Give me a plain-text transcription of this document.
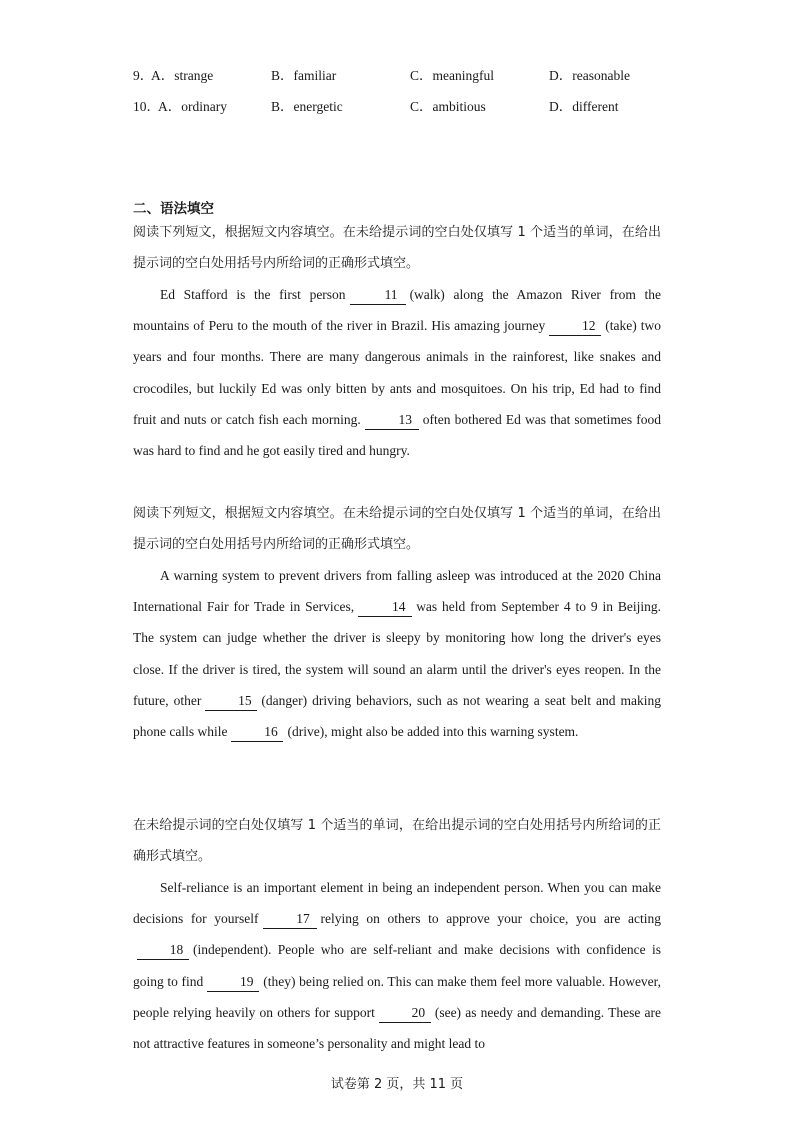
9．
A．strange	B．familiar	C．meaningful	D．reasonable
10．
A．ordinary	B．energetic	C．ambitious	D．different
二、语法填空

阅读下列短文，根据短文内容填空。在未给提示词的空白处仅填写 1 个适当的单词，在给出提示词的空白处用括号内所给词的正确形式填空。

Ed Stafford is the first person	11 (walk) along the Amazon River from the mountains of Peru to the mouth of the river in Brazil. His amazing journey	12 (take) two years and four months. There are many dangerous animals in the rainforest, like snakes and crocodiles, but luckily Ed was only bitten by ants and mosquitoes. On his trip, Ed had to find fruit and nuts or catch fish each morning.	13 often bothered Ed was that sometimes food was hard to find and he got easily tired and hungry.

阅读下列短文，根据短文内容填空。在未给提示词的空白处仅填写 1 个适当的单词，在给出提示词的空白处用括号内所给词的正确形式填空。

A warning system to prevent drivers from falling asleep was introduced at the 2020 China International Fair for Trade in Services,	14 was held from September 4 to 9 in Beijing. The system can judge whether the driver is sleepy by monitoring how long the driver's eyes close. If the driver is tired, the system will sound an alarm until the driver's eyes reopen. In the future, other	15 (danger) driving behaviors, such as not wearing a seat belt and making phone calls while	16 (drive), might also be added into this warning system.

在未给提示词的空白处仅填写 1 个适当的单词，在给出提示词的空白处用括号内所给词的正确形式填空。

Self-reliance is an important element in being an independent person. When you can make decisions for yourself	17 relying on others to approve your choice, you are acting18 (independent). People who are self-reliant and make decisions with confidence is going to find	19 (they) being relied on. This can make them feel more valuable. However, people relying heavily on others for support	20 (see) as needy and demanding. These are not attractive features in someone’s personality and might lead to

试卷第 2 页，共 11 页
